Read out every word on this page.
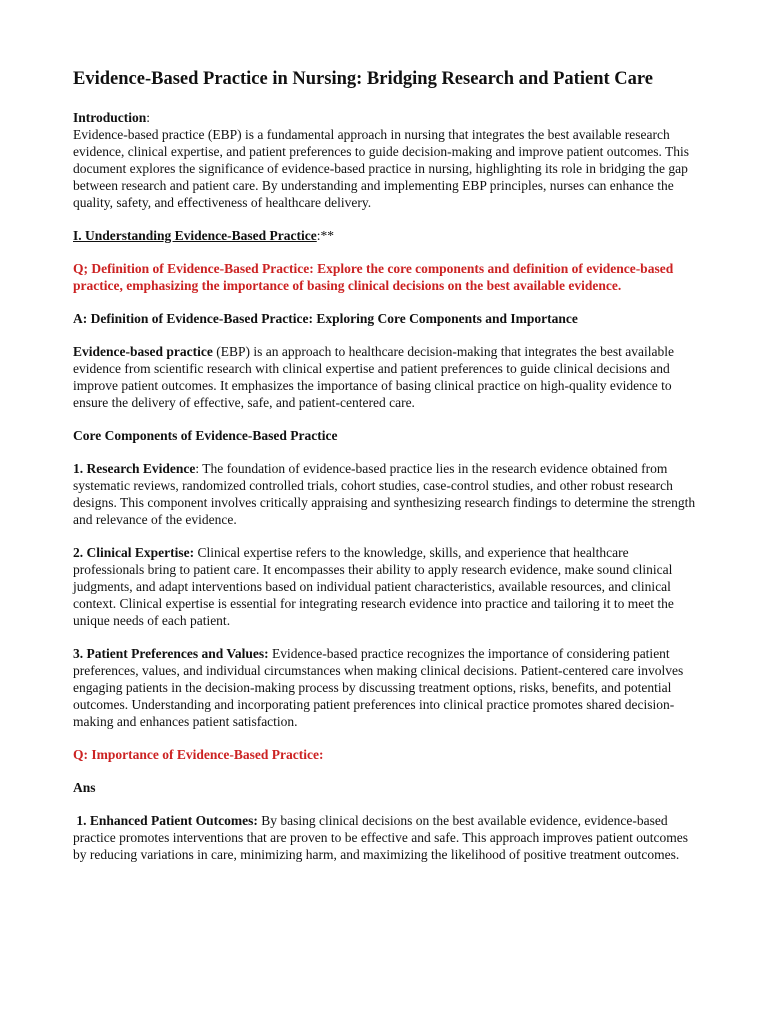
Evidence-Based Practice in Nursing: Bridging Research and Patient Care

Introduction:

Evidence-based practice (EBP) is a fundamental approach in nursing that integrates the best available research evidence, clinical expertise, and patient preferences to guide decision-making and improve patient outcomes. This document explores the significance of evidence-based practice in nursing, highlighting its role in bridging the gap between research and patient care. By understanding and implementing EBP principles, nurses can enhance the quality, safety, and effectiveness of healthcare delivery.

I. Understanding Evidence-Based Practice:**

Q; Definition of Evidence-Based Practice: Explore the core components and definition of evidence-based practice, emphasizing the importance of basing clinical decisions on the best available evidence.

A: Definition of Evidence-Based Practice: Exploring Core Components and Importance

Evidence-based practice (EBP) is an approach to healthcare decision-making that integrates the best available evidence from scientific research with clinical expertise and patient preferences to guide clinical decisions and improve patient outcomes. It emphasizes the importance of basing clinical practice on high-quality evidence to ensure the delivery of effective, safe, and patient-centered care.

Core Components of Evidence-Based Practice

1. Research Evidence: The foundation of evidence-based practice lies in the research evidence obtained from systematic reviews, randomized controlled trials, cohort studies, case-control studies, and other robust research designs. This component involves critically appraising and synthesizing research findings to determine the strength and relevance of the evidence.

2. Clinical Expertise: Clinical expertise refers to the knowledge, skills, and experience that healthcare professionals bring to patient care. It encompasses their ability to apply research evidence, make sound clinical judgments, and adapt interventions based on individual patient characteristics, available resources, and clinical context. Clinical expertise is essential for integrating research evidence into practice and tailoring it to meet the unique needs of each patient.

3. Patient Preferences and Values: Evidence-based practice recognizes the importance of considering patient preferences, values, and individual circumstances when making clinical decisions. Patient-centered care involves engaging patients in the decision-making process by discussing treatment options, risks, benefits, and potential outcomes. Understanding and incorporating patient preferences into clinical practice promotes shared decision-making and enhances patient satisfaction.

Q: Importance of Evidence-Based Practice:

Ans

1. Enhanced Patient Outcomes: By basing clinical decisions on the best available evidence, evidence-based practice promotes interventions that are proven to be effective and safe. This approach improves patient outcomes by reducing variations in care, minimizing harm, and maximizing the likelihood of positive treatment outcomes.
